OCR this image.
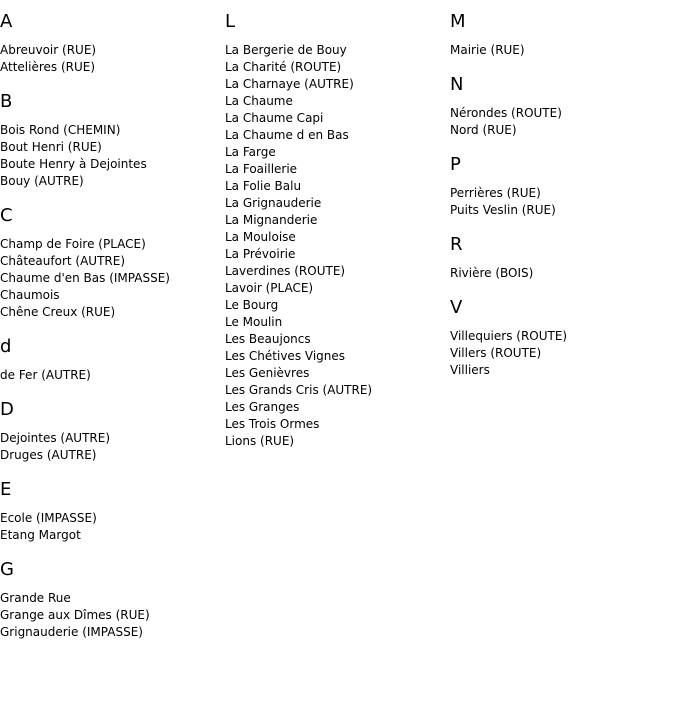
A
Abreuvoir (RUE)
Attelières (RUE)
B
Bois Rond (CHEMIN)
Bout Henri (RUE)
Boute Henry à Dejointes
Bouy (AUTRE)
C
Champ de Foire (PLACE)
Châteaufort (AUTRE)
Chaume d'en Bas (IMPASSE)
Chaumois
Chêne Creux (RUE)
d
de Fer (AUTRE)
D
Dejointes (AUTRE)
Druges (AUTRE)
E
Ecole (IMPASSE)
Etang Margot
G
Grande Rue
Grange aux Dîmes (RUE)
Grignauderie (IMPASSE)
L
La Bergerie de Bouy
La Charité (ROUTE)
La Charnaye (AUTRE)
La Chaume
La Chaume Capi
La Chaume d en Bas
La Farge
La Foaillerie
La Folie Balu
La Grignauderie
La Mignanderie
La Mouloise
La Prévoirie
Laverdines (ROUTE)
Lavoir (PLACE)
Le Bourg
Le Moulin
Les Beaujoncs
Les Chétives Vignes
Les Genièvres
Les Grands Cris (AUTRE)
Les Granges
Les Trois Ormes
Lions (RUE)
M
Mairie (RUE)
N
Nérondes (ROUTE)
Nord (RUE)
P
Perrières (RUE)
Puits Veslin (RUE)
R
Rivière (BOIS)
V
Villequiers (ROUTE)
Villers (ROUTE)
Villiers
